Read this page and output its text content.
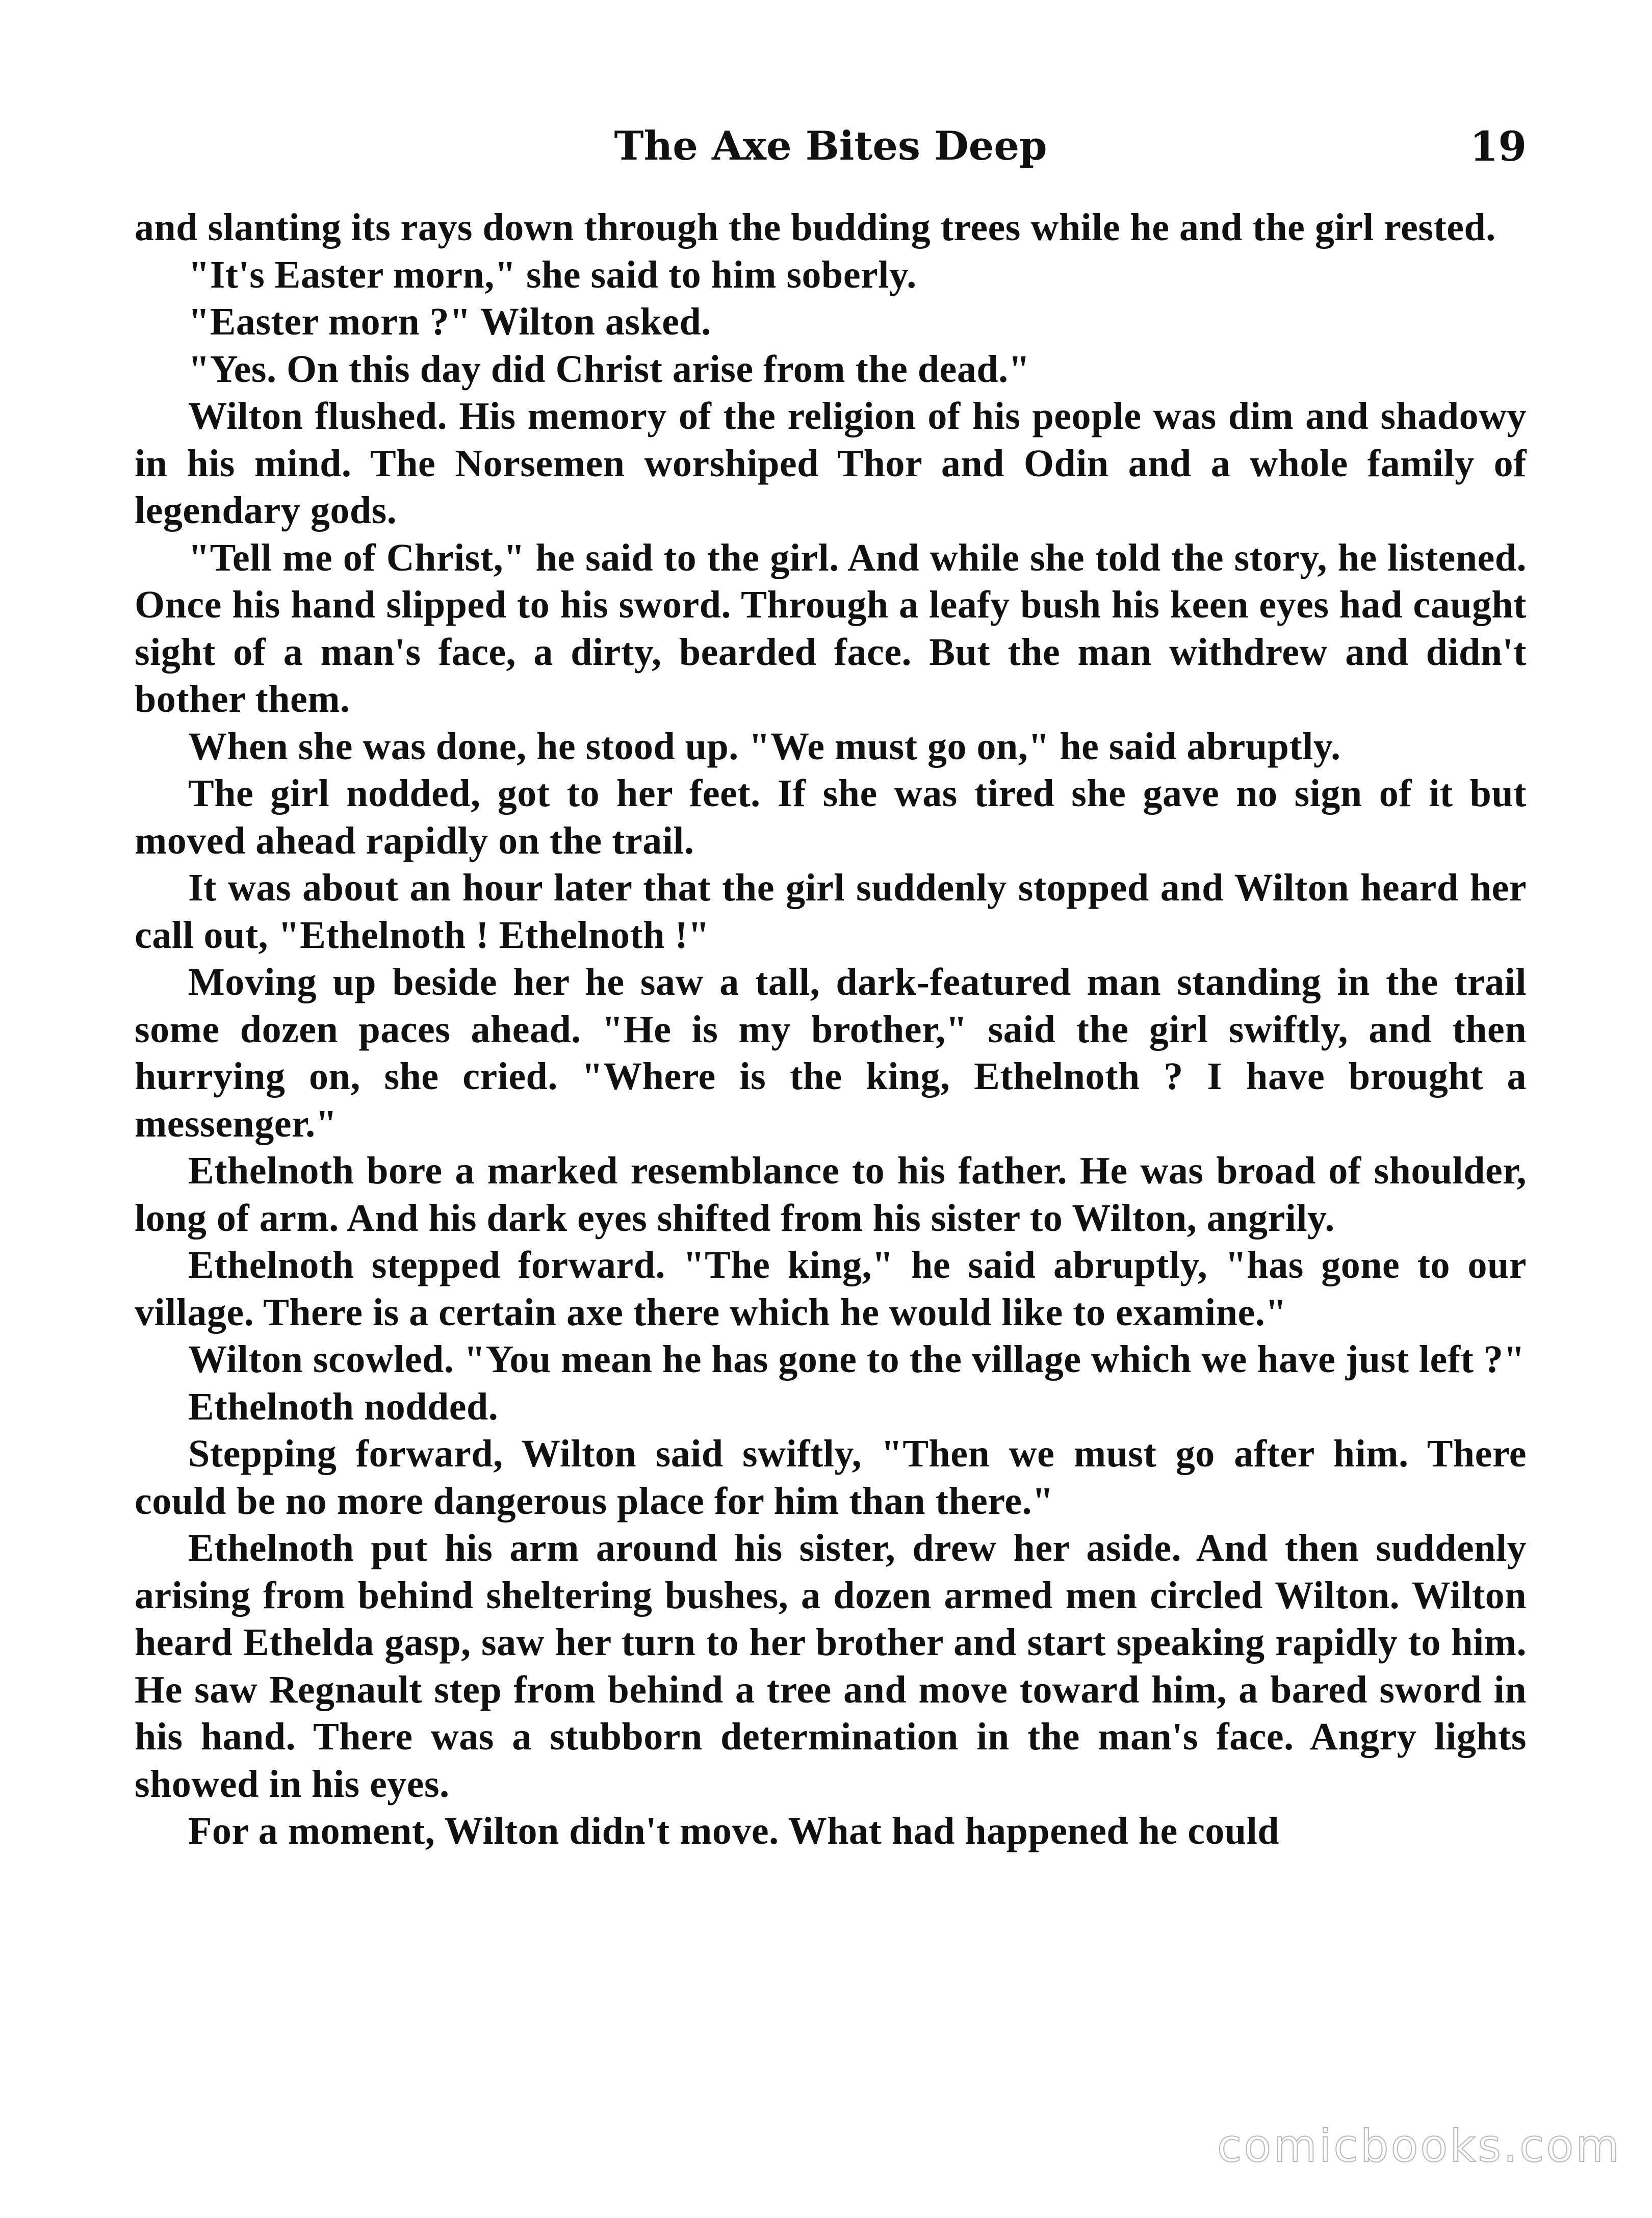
The Axe Bites Deep	19

and slanting its rays down through the budding trees while he and the girl rested.

"It's Easter morn," she said to him soberly.

"Easter morn ?" Wilton asked.

"Yes. On this day did Christ arise from the dead."

Wilton flushed. His memory of the religion of his people was dim and shadowy in his mind. The Norsemen worshiped Thor and Odin and a whole family of legendary gods.

"Tell me of Christ," he said to the girl. And while she told the story, he listened. Once his hand slipped to his sword. Through a leafy bush his keen eyes had caught sight of a man's face, a dirty, bearded face. But the man withdrew and didn't bother them.

When she was done, he stood up. "We must go on," he said abruptly.

The girl nodded, got to her feet. If she was tired she gave no sign of it but moved ahead rapidly on the trail.

It was about an hour later that the girl suddenly stopped and Wilton heard her call out, "Ethelnoth ! Ethelnoth !"

Moving up beside her he saw a tall, dark-featured man standing in the trail some dozen paces ahead. "He is my brother," said the girl swiftly, and then hurrying on, she cried. "Where is the king, Ethelnoth ? I have brought a messenger."

Ethelnoth bore a marked resemblance to his father. He was broad of shoulder, long of arm. And his dark eyes shifted from his sister to Wilton, angrily.

Ethelnoth stepped forward. "The king," he said abruptly, "has gone to our village. There is a certain axe there which he would like to examine."

Wilton scowled. "You mean he has gone to the village which we have just left ?"

Ethelnoth nodded.

Stepping forward, Wilton said swiftly, "Then we must go after him. There could be no more dangerous place for him than there."

Ethelnoth put his arm around his sister, drew her aside. And then suddenly arising from behind sheltering bushes, a dozen armed men circled Wilton. Wilton heard Ethelda gasp, saw her turn to her brother and start speaking rapidly to him. He saw Regnault step from behind a tree and move toward him, a bared sword in his hand. There was a stubborn determination in the man's face. Angry lights showed in his eyes.

For a moment, Wilton didn't move. What had happened he could

comicbooks.com
